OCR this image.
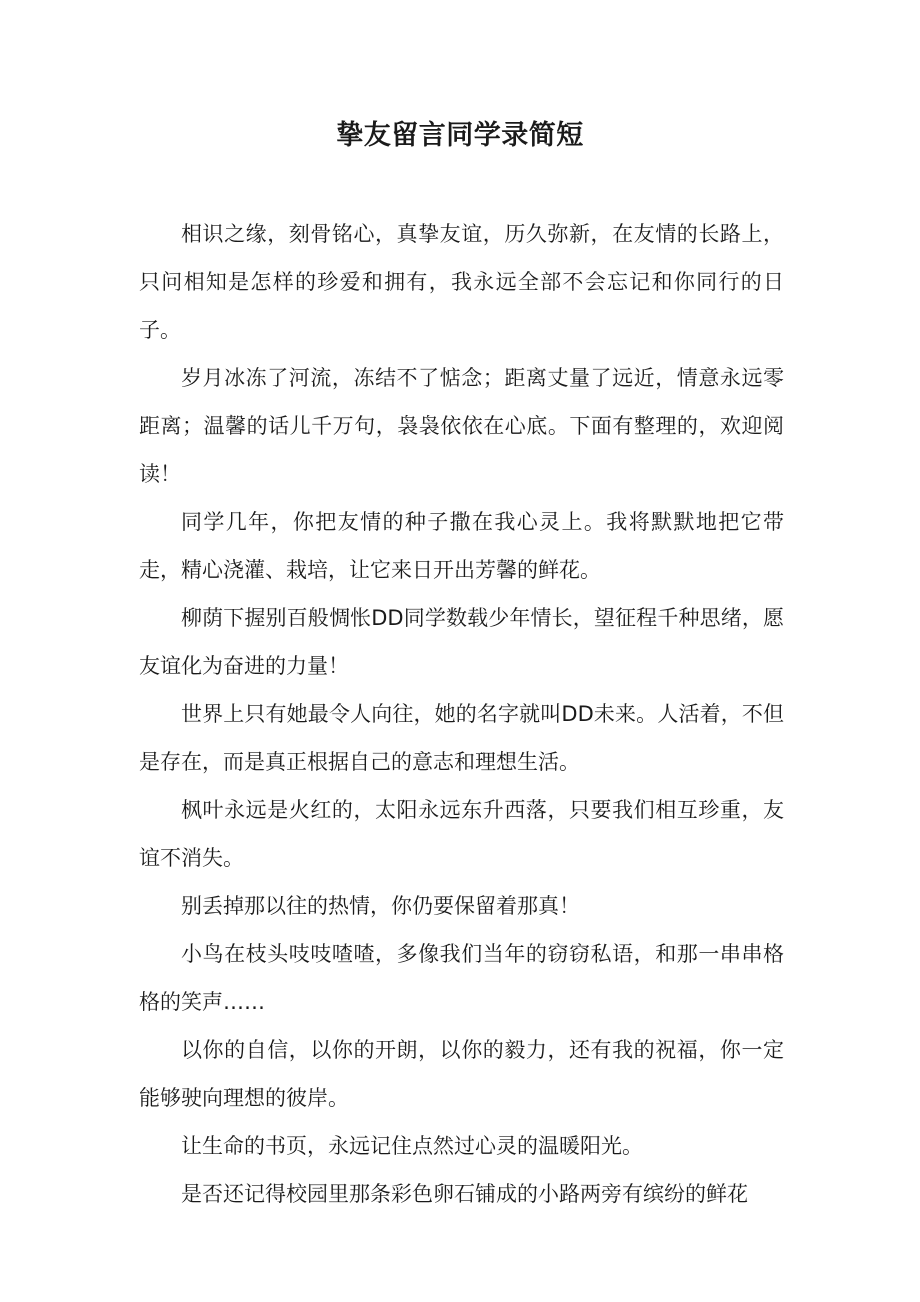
挚友留言同学录简短

相识之缘，刻骨铭心，真挚友谊，历久弥新，在友情的长路上，只问相知是怎样的珍爱和拥有，我永远全部不会忘记和你同行的日子。

岁月冰冻了河流，冻结不了惦念；距离丈量了远近，情意永远零距离；温馨的话儿千万句，袅袅依依在心底。下面有整理的，欢迎阅读！

同学几年，你把友情的种子撒在我心灵上。我将默默地把它带走，精心浇灌、栽培，让它来日开出芳馨的鲜花。

柳荫下握别百般惆怅DD同学数载少年情长，望征程千种思绪，愿友谊化为奋进的力量！

世界上只有她最令人向往，她的名字就叫DD未来。人活着，不但是存在，而是真正根据自己的意志和理想生活。

枫叶永远是火红的，太阳永远东升西落，只要我们相互珍重，友谊不消失。

别丢掉那以往的热情，你仍要保留着那真！

小鸟在枝头吱吱喳喳，多像我们当年的窃窃私语，和那一串串格格的笑声……

以你的自信，以你的开朗，以你的毅力，还有我的祝福，你一定能够驶向理想的彼岸。

让生命的书页，永远记住点然过心灵的温暖阳光。

是否还记得校园里那条彩色卵石铺成的小路两旁有缤纷的鲜花
